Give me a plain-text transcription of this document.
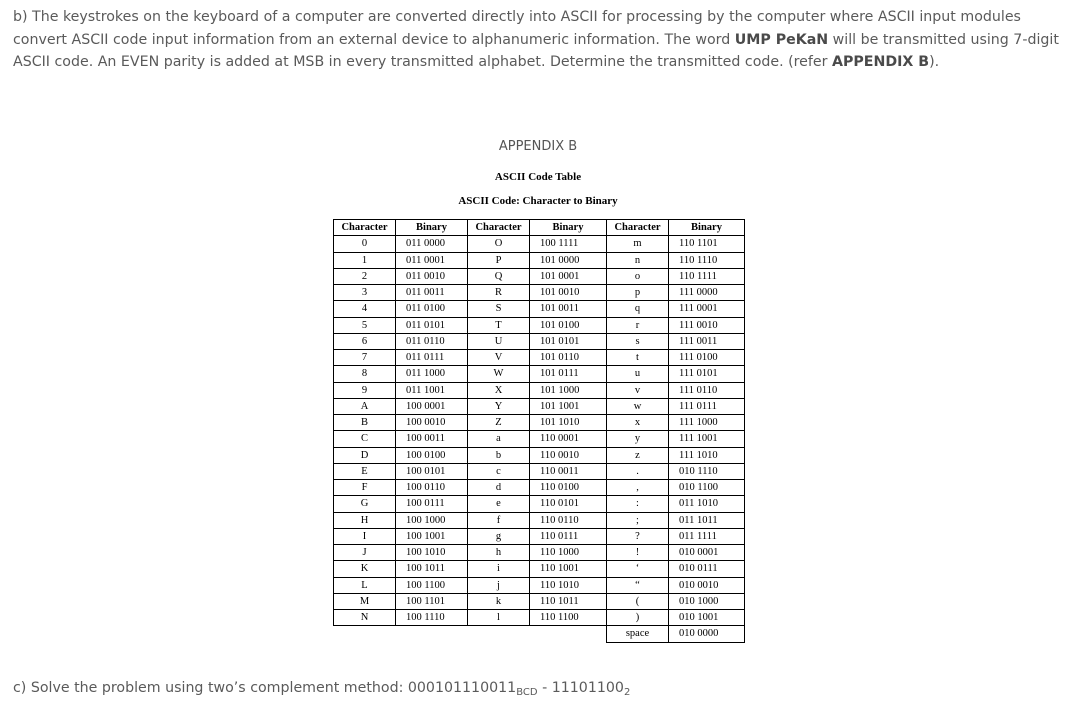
b) The keystrokes on the keyboard of a computer are converted directly into ASCII for processing by the computer where ASCII input modules convert ASCII code input information from an external device to alphanumeric information. The word UMP PeKaN will be transmitted using 7-digit ASCII code. An EVEN parity is added at MSB in every transmitted alphabet. Determine the transmitted code. (refer APPENDIX B).
APPENDIX B
ASCII Code Table
ASCII Code: Character to Binary
Character	Binary	Character	Binary	Character	Binary
0	011 0000	O	100 1111	m	110 1101
1	011 0001	P	101 0000	n	110 1110
2	011 0010	Q	101 0001	o	110 1111
3	011 0011	R	101 0010	p	111 0000
4	011 0100	S	101 0011	q	111 0001
5	011 0101	T	101 0100	r	111 0010
6	011 0110	U	101 0101	s	111 0011
7	011 0111	V	101 0110	t	111 0100
8	011 1000	W	101 0111	u	111 0101
9	011 1001	X	101 1000	v	111 0110
A	100 0001	Y	101 1001	w	111 0111
B	100 0010	Z	101 1010	x	111 1000
C	100 0011	a	110 0001	y	111 1001
D	100 0100	b	110 0010	z	111 1010
E	100 0101	c	110 0011	.	010 1110
F	100 0110	d	110 0100	,	010 1100
G	100 0111	e	110 0101	:	011 1010
H	100 1000	f	110 0110	;	011 1011
I	100 1001	g	110 0111	?	011 1111
J	100 1010	h	110 1000	!	010 0001
K	100 1011	i	110 1001	‘	010 0111
L	100 1100	j	110 1010	“	010 0010
M	100 1101	k	110 1011	(	010 1000
N	100 1110	l	110 1100	)	010 1001
				space	010 0000
c) Solve the problem using two’s complement method: $000101110011_{BCD} - 11101100_2$
